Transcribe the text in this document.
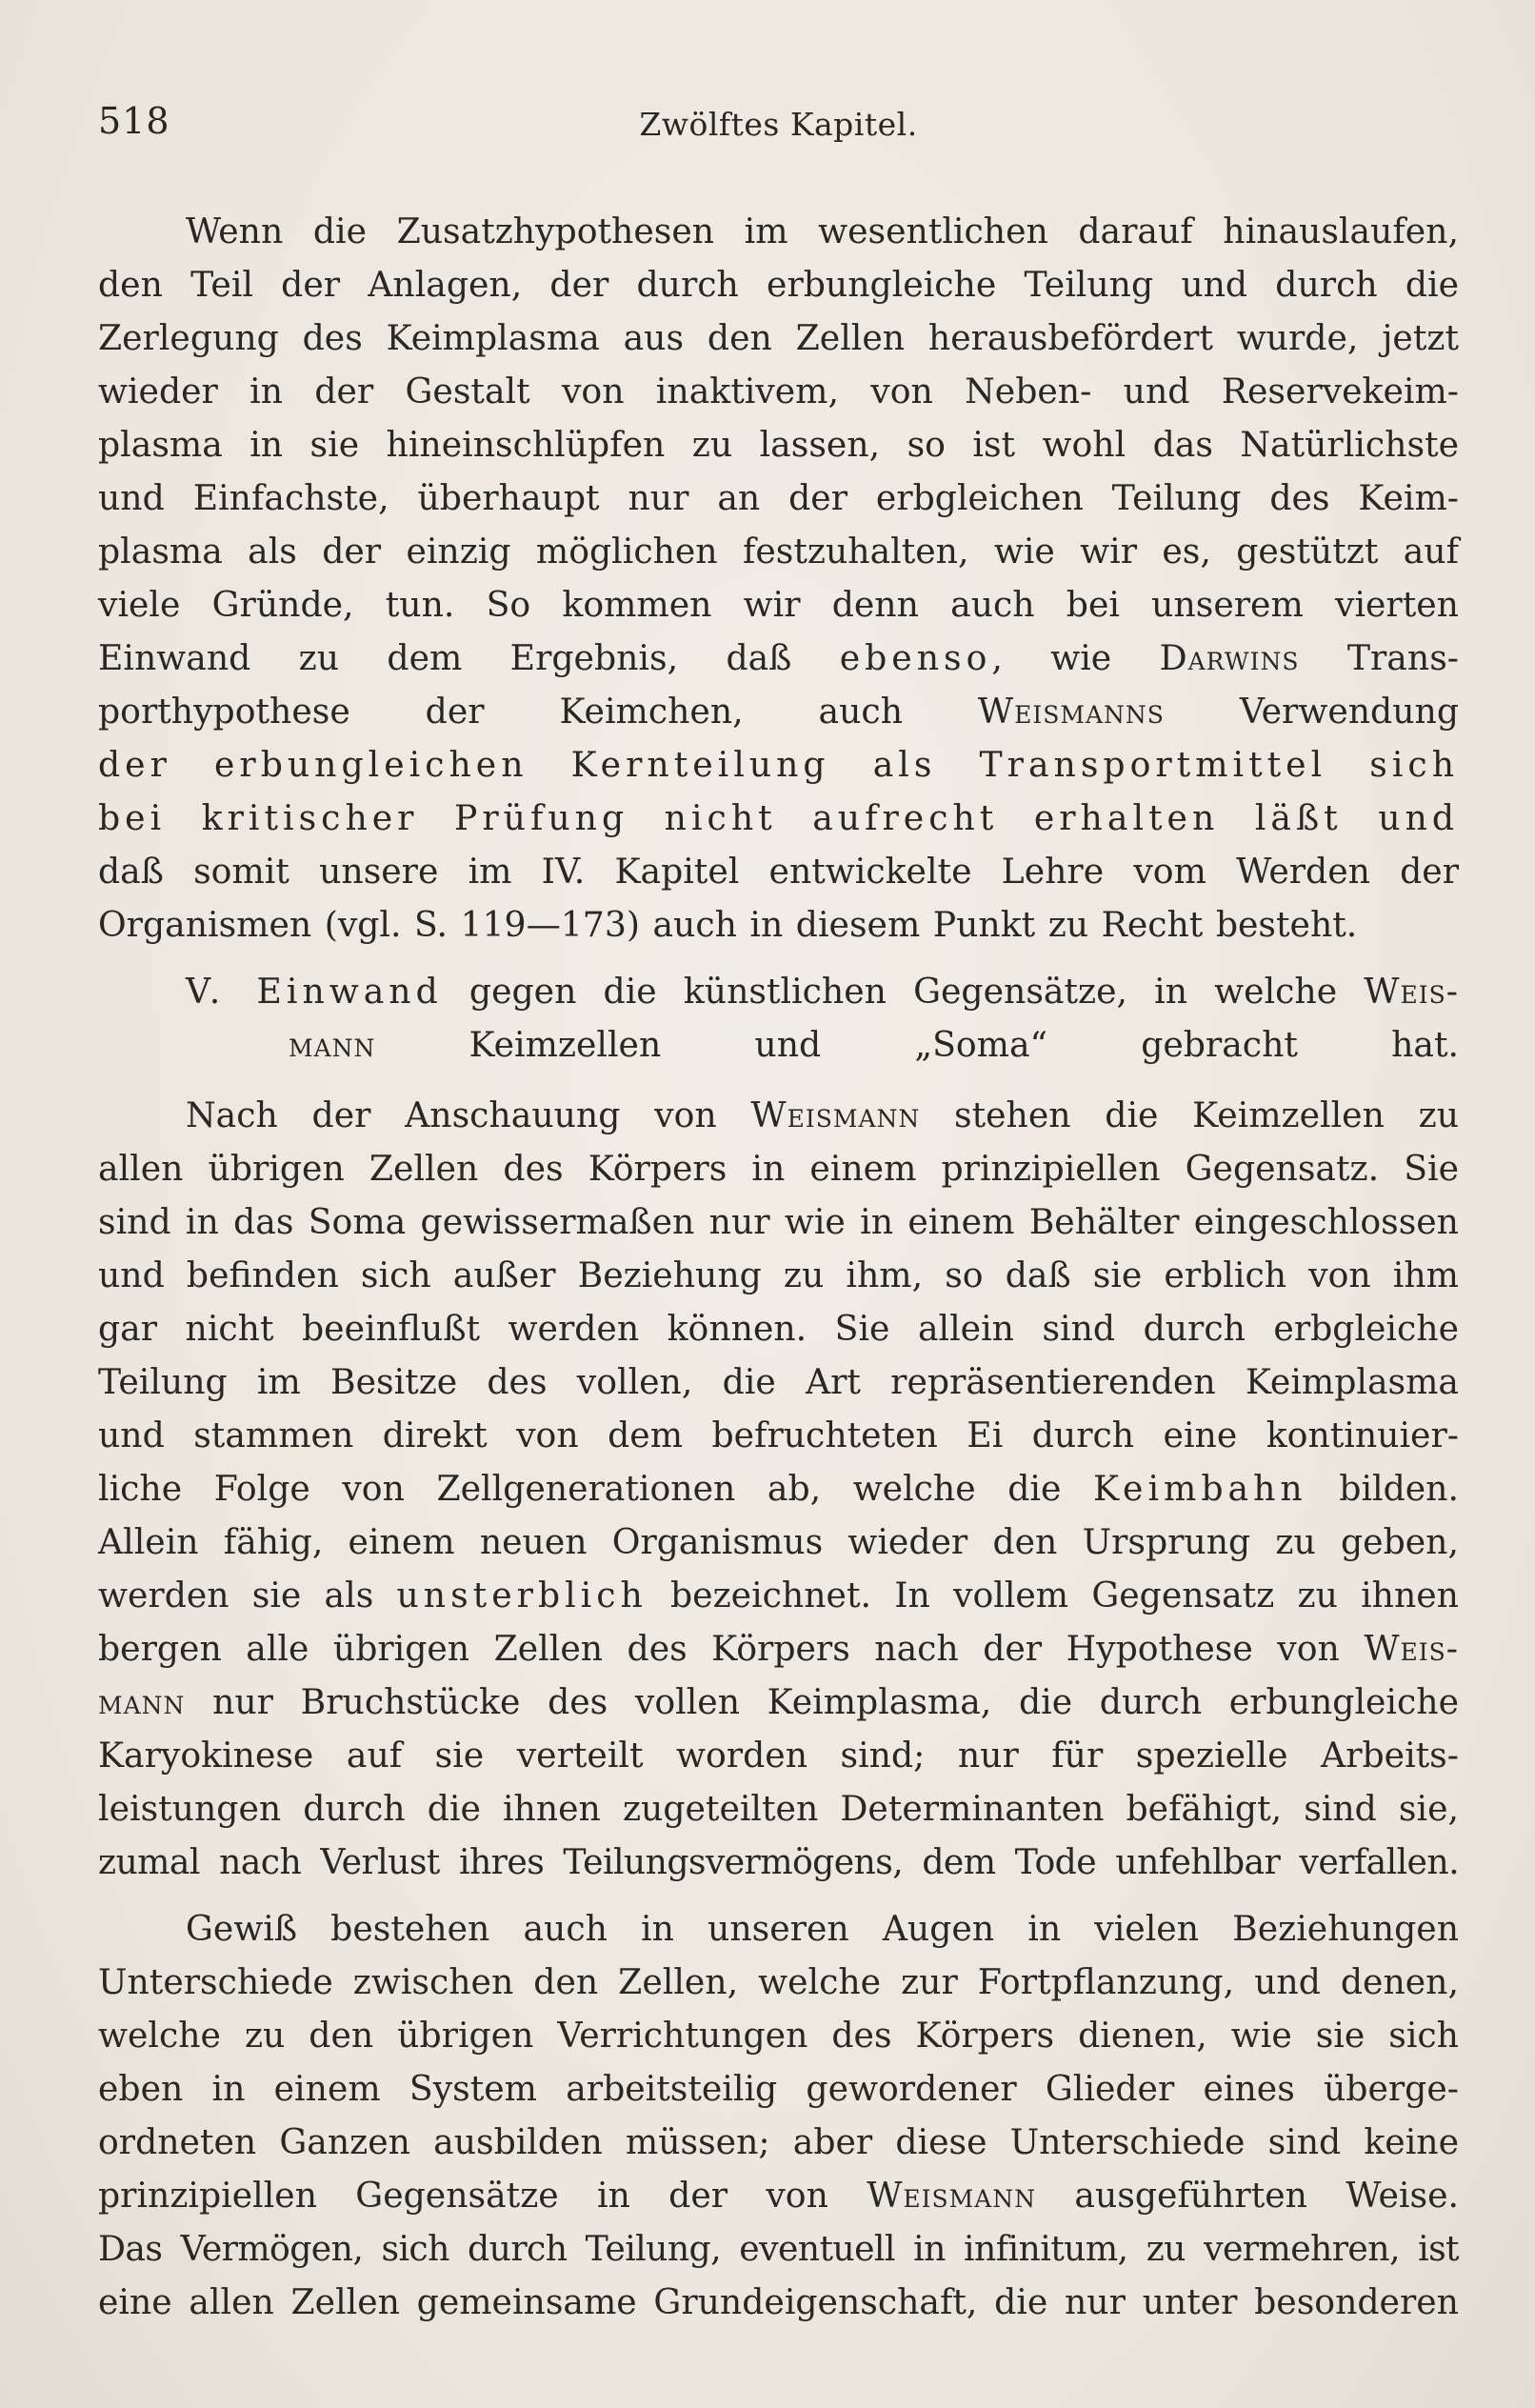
518	Zwölftes Kapitel.

Wenn die Zusatzhypothesen im wesentlichen darauf hinauslaufen,

den Teil der Anlagen, der durch erbungleiche Teilung und durch die

Zerlegung des Keimplasma aus den Zellen herausbefördert wurde, jetzt

wieder in der Gestalt von inaktivem, von Neben- und Reservekeim-

plasma in sie hineinschlüpfen zu lassen, so ist wohl das Natürlichste

und Einfachste, überhaupt nur an der erbgleichen Teilung des Keim-

plasma als der einzig möglichen festzuhalten, wie wir es, gestützt auf

viele Gründe, tun. So kommen wir denn auch bei unserem vierten

Einwand zu dem Ergebnis, daß ebenso, wie Darwins Trans-

porthypothese der Keimchen, auch Weismanns Verwendung

der erbungleichen Kernteilung als Transportmittel sich

bei kritischer Prüfung nicht aufrecht erhalten läßt und

daß somit unsere im IV. Kapitel entwickelte Lehre vom Werden der

Organismen (vgl. S. 119—173) auch in diesem Punkt zu Recht besteht.

V. Einwand gegen die künstlichen Gegensätze, in welche Weis-

mann Keimzellen und „Soma“ gebracht hat.

Nach der Anschauung von Weismann stehen die Keimzellen zu

allen übrigen Zellen des Körpers in einem prinzipiellen Gegensatz. Sie

sind in das Soma gewissermaßen nur wie in einem Behälter eingeschlossen

und befinden sich außer Beziehung zu ihm, so daß sie erblich von ihm

gar nicht beeinflußt werden können. Sie allein sind durch erbgleiche

Teilung im Besitze des vollen, die Art repräsentierenden Keimplasma

und stammen direkt von dem befruchteten Ei durch eine kontinuier-

liche Folge von Zellgenerationen ab, welche die Keimbahn bilden.

Allein fähig, einem neuen Organismus wieder den Ursprung zu geben,

werden sie als unsterblich bezeichnet. In vollem Gegensatz zu ihnen

bergen alle übrigen Zellen des Körpers nach der Hypothese von Weis-

mann nur Bruchstücke des vollen Keimplasma, die durch erbungleiche

Karyokinese auf sie verteilt worden sind; nur für spezielle Arbeits-

leistungen durch die ihnen zugeteilten Determinanten befähigt, sind sie,

zumal nach Verlust ihres Teilungsvermögens, dem Tode unfehlbar verfallen.

Gewiß bestehen auch in unseren Augen in vielen Beziehungen

Unterschiede zwischen den Zellen, welche zur Fortpflanzung, und denen,

welche zu den übrigen Verrichtungen des Körpers dienen, wie sie sich

eben in einem System arbeitsteilig gewordener Glieder eines überge-

ordneten Ganzen ausbilden müssen; aber diese Unterschiede sind keine

prinzipiellen Gegensätze in der von Weismann ausgeführten Weise.

Das Vermögen, sich durch Teilung, eventuell in infinitum, zu vermehren, ist

eine allen Zellen gemeinsame Grundeigenschaft, die nur unter besonderen
